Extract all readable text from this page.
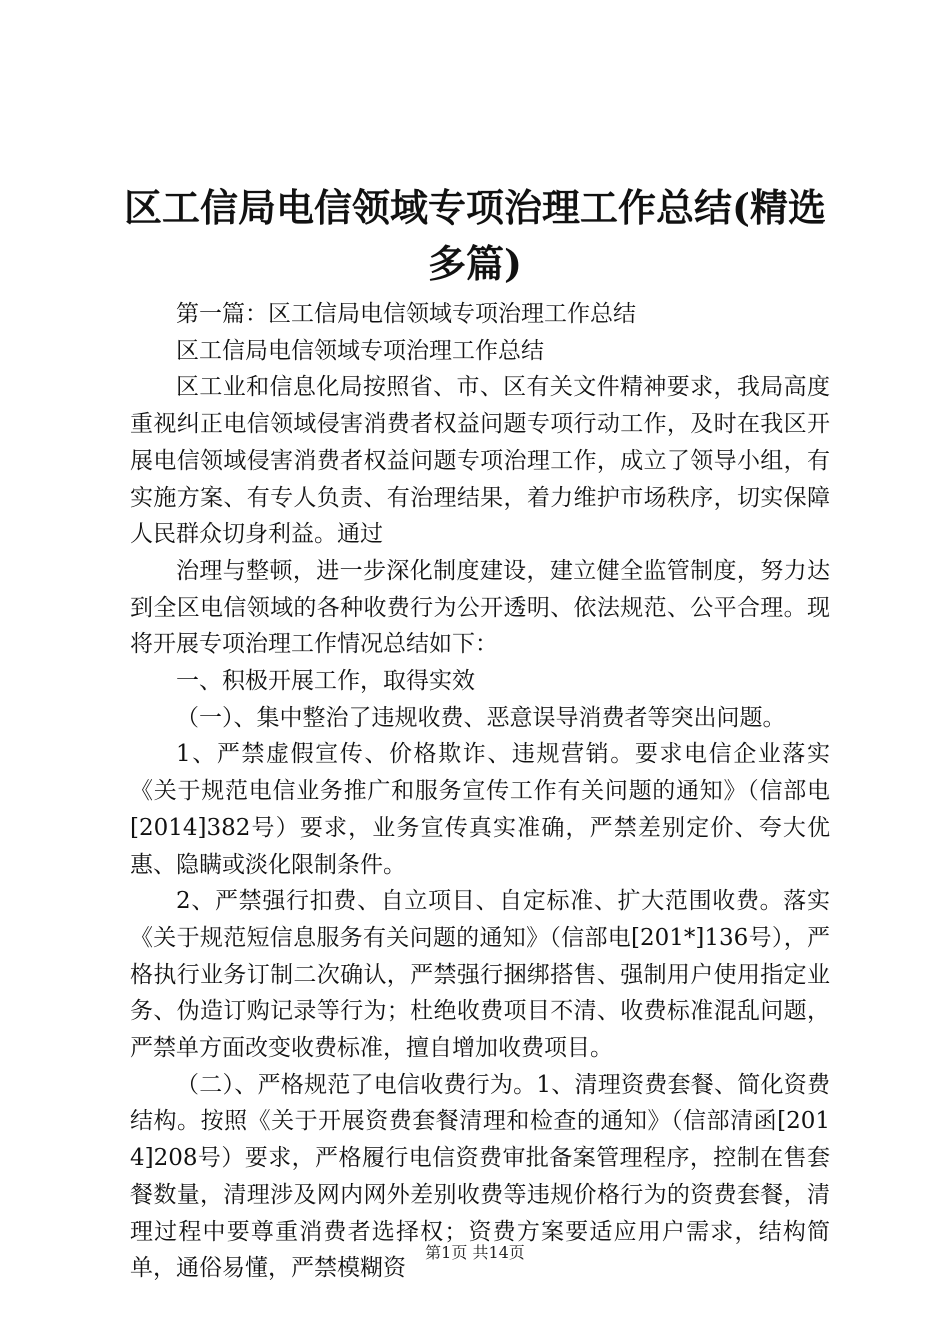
区工信局电信领域专项治理工作总结(精选多篇)

第一篇：区工信局电信领域专项治理工作总结

区工信局电信领域专项治理工作总结

区工业和信息化局按照省、市、区有关文件精神要求，我局高度重视纠正电信领域侵害消费者权益问题专项行动工作，及时在我区开展电信领域侵害消费者权益问题专项治理工作，成立了领导小组，有实施方案、有专人负责、有治理结果，着力维护市场秩序，切实保障人民群众切身利益。通过

治理与整顿，进一步深化制度建设，建立健全监管制度，努力达到全区电信领域的各种收费行为公开透明、依法规范、公平合理。现将开展专项治理工作情况总结如下：

一、积极开展工作，取得实效

（一）、集中整治了违规收费、恶意误导消费者等突出问题。

1、严禁虚假宣传、价格欺诈、违规营销。要求电信企业落实《关于规范电信业务推广和服务宣传工作有关问题的通知》（信部电[2014]382号）要求，业务宣传真实准确，严禁差别定价、夸大优惠、隐瞒或淡化限制条件。

2、严禁强行扣费、自立项目、自定标准、扩大范围收费。落实《关于规范短信息服务有关问题的通知》（信部电[201*]136号），严格执行业务订制二次确认，严禁强行捆绑搭售、强制用户使用指定业务、伪造订购记录等行为；杜绝收费项目不清、收费标准混乱问题，严禁单方面改变收费标准，擅自增加收费项目。

（二）、严格规范了电信收费行为。1、清理资费套餐、简化资费结构。按照《关于开展资费套餐清理和检查的通知》（信部清函[2014]208号）要求，严格履行电信资费审批备案管理程序，控制在售套餐数量，清理涉及网内网外差别收费等违规价格行为的资费套餐，清理过程中要尊重消费者选择权；资费方案要适应用户需求，结构简单，通俗易懂，严禁模糊资

第1页 共14页
